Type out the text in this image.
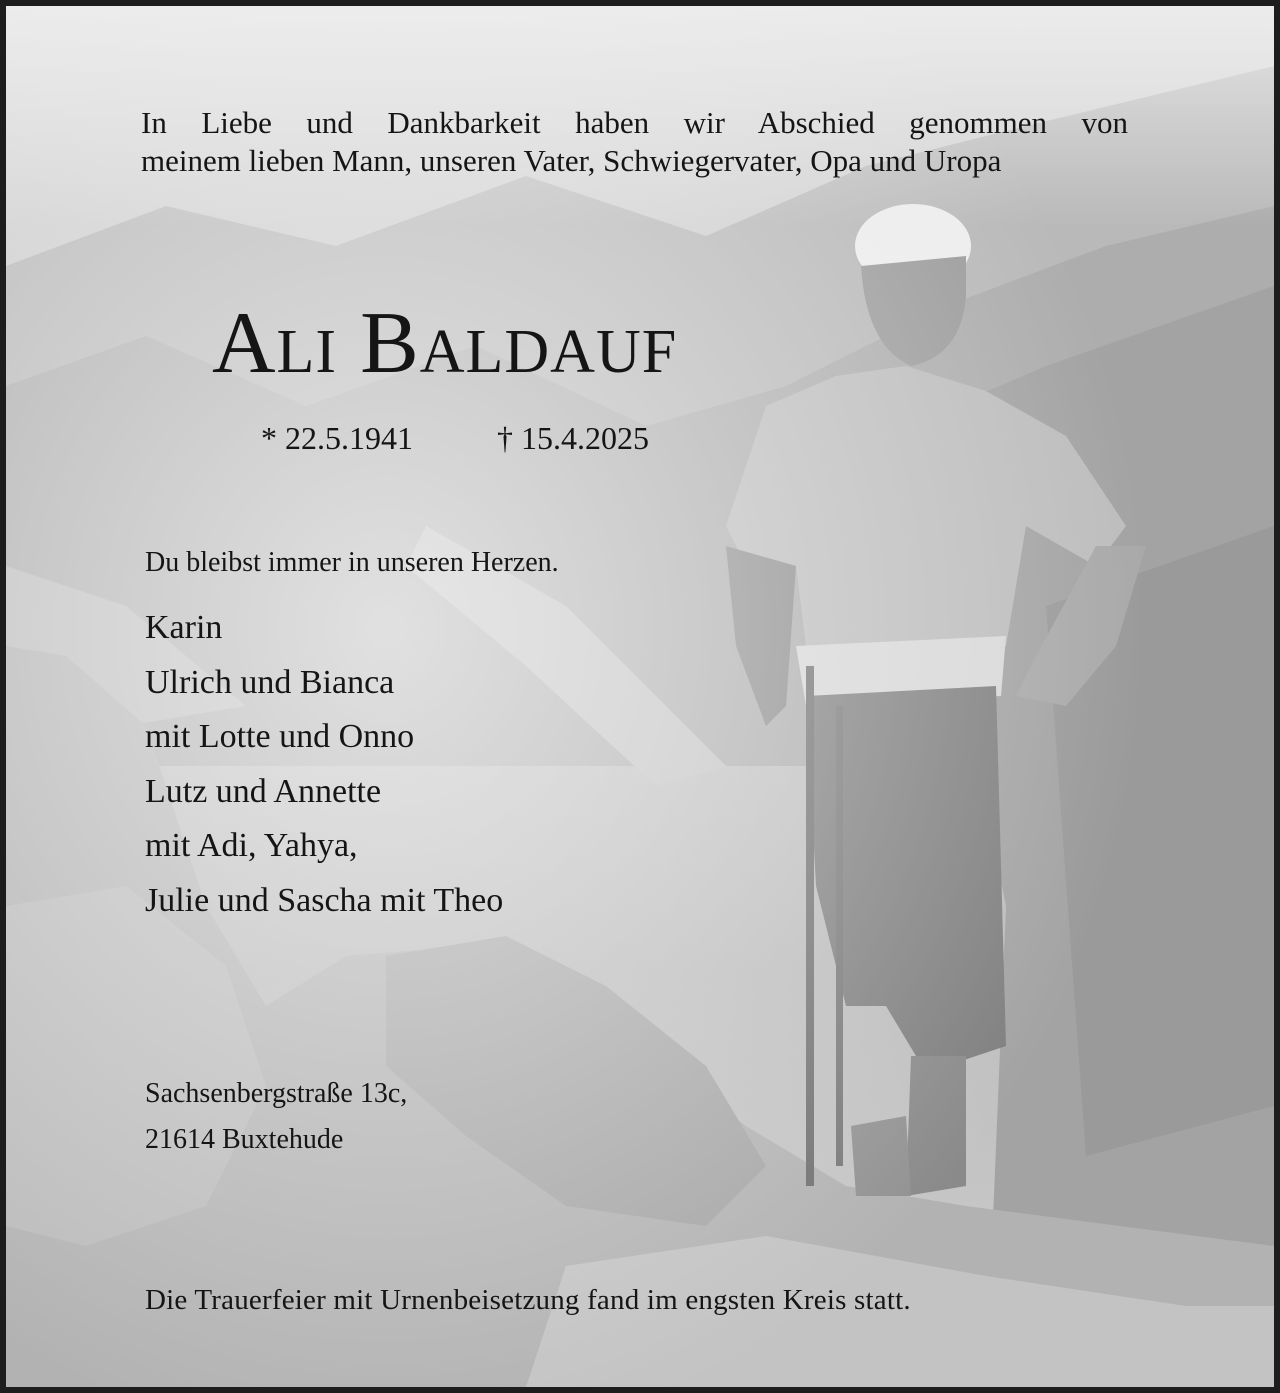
In Liebe und Dankbarkeit haben wir Abschied genommen von
meinem lieben Mann, unseren Vater, Schwiegervater, Opa und Uropa

Ali Baldauf
* 22.5.1941	† 15.4.2025
Du bleibst immer in unseren Herzen.
Karin
Ulrich und Bianca
mit Lotte und Onno
Lutz und Annette
mit Adi, Yahya,
Julie und Sascha mit Theo

Sachsenbergstraße 13c,
21614 Buxtehude

Die Trauerfeier mit Urnenbeisetzung fand im engsten Kreis statt.
